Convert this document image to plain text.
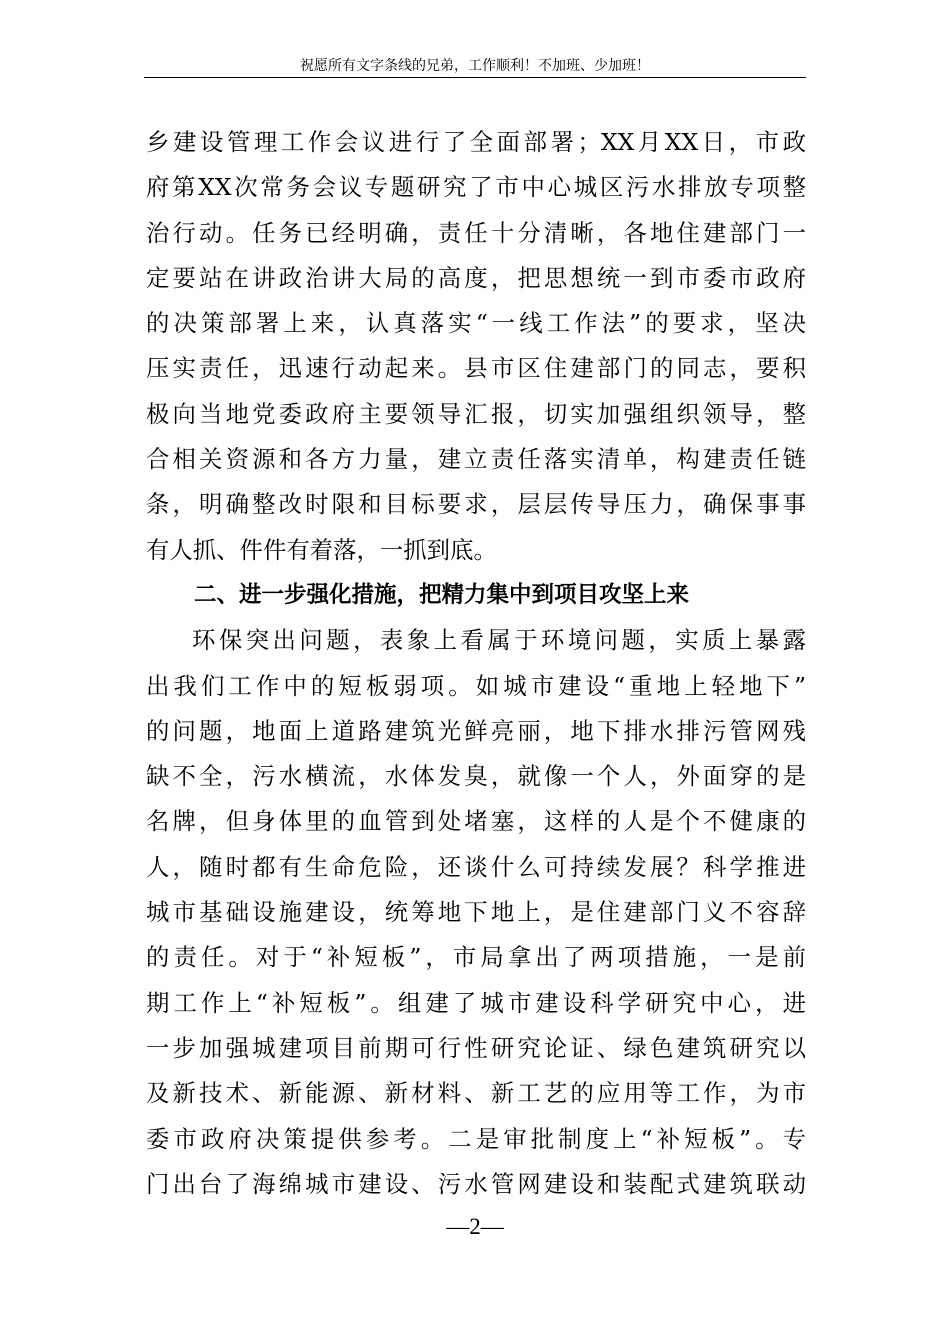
祝愿所有文字条线的兄弟，工作顺利！不加班、少加班！
乡建设管理工作会议进行了全面部署；XX月XX日，市政
府第XX次常务会议专题研究了市中心城区污水排放专项整
治行动。任务已经明确，责任十分清晰，各地住建部门一
定要站在讲政治讲大局的高度，把思想统一到市委市政府
的决策部署上来，认真落实“一线工作法”的要求，坚决
压实责任，迅速行动起来。县市区住建部门的同志，要积
极向当地党委政府主要领导汇报，切实加强组织领导，整
合相关资源和各方力量，建立责任落实清单，构建责任链
条，明确整改时限和目标要求，层层传导压力，确保事事
有人抓、件件有着落，一抓到底。
二、进一步强化措施，把精力集中到项目攻坚上来
环保突出问题，表象上看属于环境问题，实质上暴露
出我们工作中的短板弱项。如城市建设“重地上轻地下”
的问题，地面上道路建筑光鲜亮丽，地下排水排污管网残
缺不全，污水横流，水体发臭，就像一个人，外面穿的是
名牌，但身体里的血管到处堵塞，这样的人是个不健康的
人，随时都有生命危险，还谈什么可持续发展？科学推进
城市基础设施建设，统筹地下地上，是住建部门义不容辞
的责任。对于“补短板”，市局拿出了两项措施，一是前
期工作上“补短板”。组建了城市建设科学研究中心，进
一步加强城建项目前期可行性研究论证、绿色建筑研究以
及新技术、新能源、新材料、新工艺的应用等工作，为市
委市政府决策提供参考。二是审批制度上“补短板”。专
门出台了海绵城市建设、污水管网建设和装配式建筑联动
—2—
